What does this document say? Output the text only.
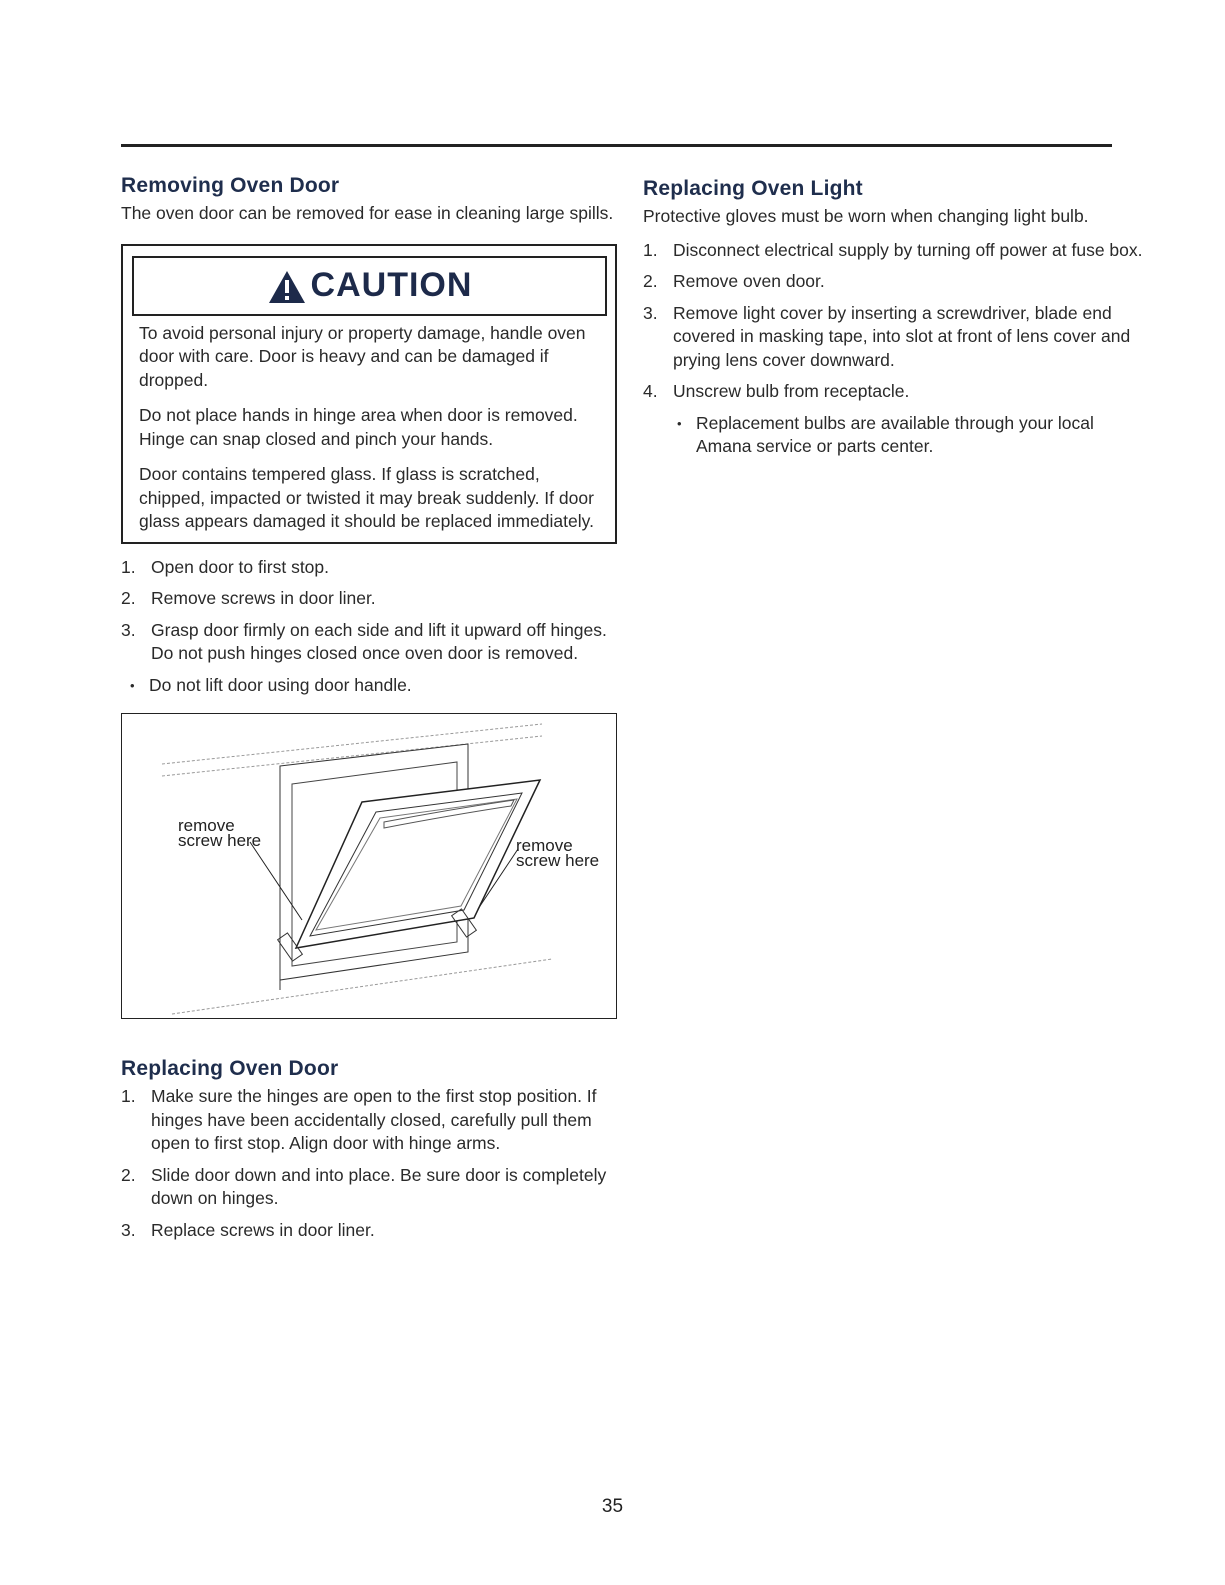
Removing Oven Door

The oven door can be removed for ease in cleaning large spills.

CAUTION

To avoid personal injury or property damage, handle oven door with care. Door is heavy and can be damaged if dropped.

Do not place hands in hinge area when door is removed. Hinge can snap closed and pinch your hands.

Door contains tempered glass. If glass is scratched, chipped, impacted or twisted it may break suddenly. If door glass appears damaged it should be replaced immediately.

1. Open door to first stop.
2. Remove screws in door liner.
3. Grasp door firmly on each side and lift it upward off hinges. Do not push hinges closed once oven door is removed.
• Do not lift door using door handle.
remove
screw here	remove
screw here
Replacing Oven Door
1. Make sure the hinges are open to the first stop position. If hinges have been accidentally closed, carefully pull them open to first stop. Align door with hinge arms.
2. Slide door down and into place. Be sure door is completely down on hinges.
3. Replace screws in door liner.
Replacing Oven Light

Protective gloves must be worn when changing light bulb.

1. Disconnect electrical supply by turning off power at fuse box.
2. Remove oven door.
3. Remove light cover by inserting a screwdriver, blade end covered in masking tape, into slot at front of lens cover and prying lens cover downward.
4. Unscrew bulb from receptacle.
• Replacement bulbs are available through your local Amana service or parts center.
35
